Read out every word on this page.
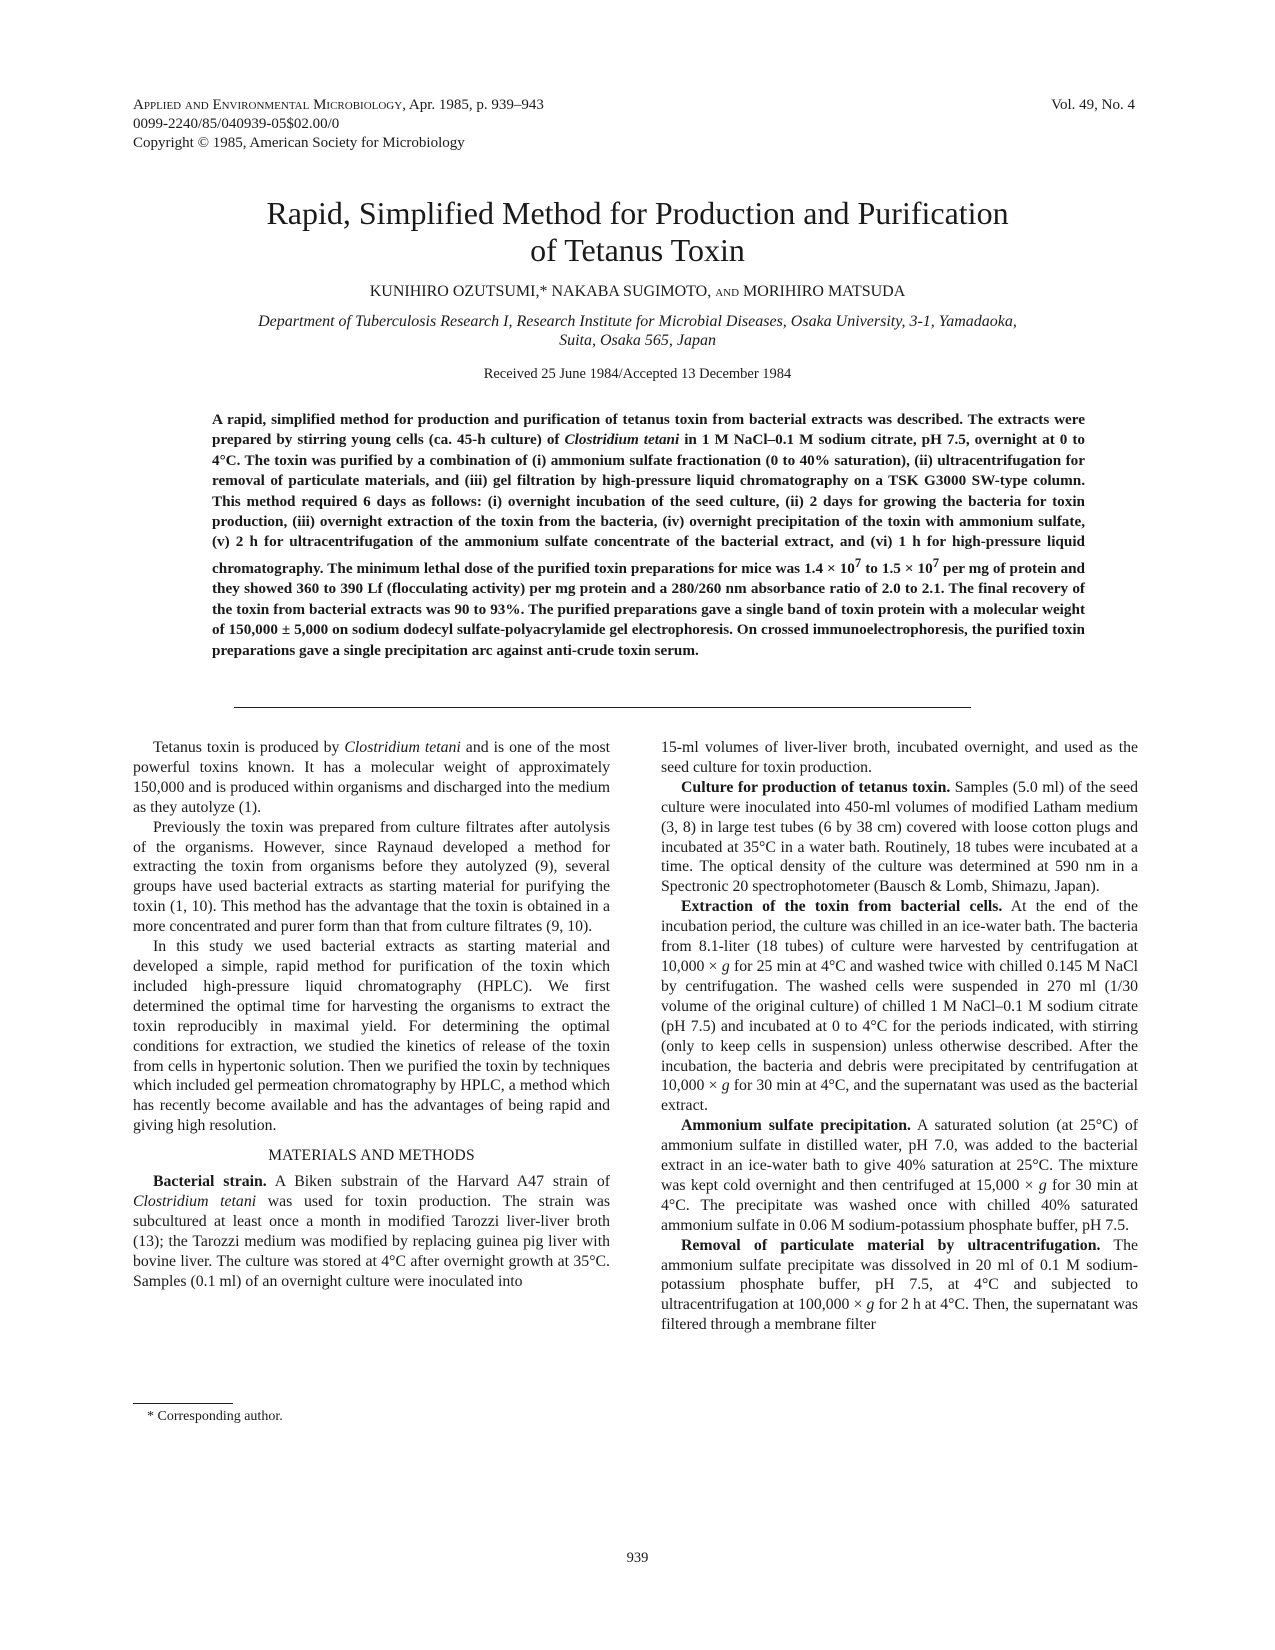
Applied and Environmental Microbiology, Apr. 1985, p. 939–943
0099-2240/85/040939-05$02.00/0
Copyright © 1985, American Society for Microbiology
Vol. 49, No. 4
Rapid, Simplified Method for Production and Purification
of Tetanus Toxin
KUNIHIRO OZUTSUMI,* NAKABA SUGIMOTO, and MORIHIRO MATSUDA
Department of Tuberculosis Research I, Research Institute for Microbial Diseases, Osaka University, 3-1, Yamadaoka,
Suita, Osaka 565, Japan
Received 25 June 1984/Accepted 13 December 1984

A rapid, simplified method for production and purification of tetanus toxin from bacterial extracts was described. The extracts were prepared by stirring young cells (ca. 45-h culture) of Clostridium tetani in 1 M NaCl–0.1 M sodium citrate, pH 7.5, overnight at 0 to 4°C. The toxin was purified by a combination of (i) ammonium sulfate fractionation (0 to 40% saturation), (ii) ultracentrifugation for removal of particulate materials, and (iii) gel filtration by high-pressure liquid chromatography on a TSK G3000 SW-type column. This method required 6 days as follows: (i) overnight incubation of the seed culture, (ii) 2 days for growing the bacteria for toxin production, (iii) overnight extraction of the toxin from the bacteria, (iv) overnight precipitation of the toxin with ammonium sulfate, (v) 2 h for ultracentrifugation of the ammonium sulfate concentrate of the bacterial extract, and (vi) 1 h for high-pressure liquid chromatography. The minimum lethal dose of the purified toxin preparations for mice was $1.4 \times 10^7$ to $1.5 \times 10^7$ per mg of protein and they showed 360 to 390 Lf (flocculating activity) per mg protein and a 280/260 nm absorbance ratio of 2.0 to 2.1. The final recovery of the toxin from bacterial extracts was 90 to 93%. The purified preparations gave a single band of toxin protein with a molecular weight of 150,000 ± 5,000 on sodium dodecyl sulfate-polyacrylamide gel electrophoresis. On crossed immunoelectrophoresis, the purified toxin preparations gave a single precipitation arc against anti-crude toxin serum.

Tetanus toxin is produced by Clostridium tetani and is one of the most powerful toxins known. It has a molecular weight of approximately 150,000 and is produced within organisms and discharged into the medium as they autolyze (1).

Previously the toxin was prepared from culture filtrates after autolysis of the organisms. However, since Raynaud developed a method for extracting the toxin from organisms before they autolyzed (9), several groups have used bacterial extracts as starting material for purifying the toxin (1, 10). This method has the advantage that the toxin is obtained in a more concentrated and purer form than that from culture filtrates (9, 10).

In this study we used bacterial extracts as starting material and developed a simple, rapid method for purification of the toxin which included high-pressure liquid chromatography (HPLC). We first determined the optimal time for harvesting the organisms to extract the toxin reproducibly in maximal yield. For determining the optimal conditions for extraction, we studied the kinetics of release of the toxin from cells in hypertonic solution. Then we purified the toxin by techniques which included gel permeation chromatography by HPLC, a method which has recently become available and has the advantages of being rapid and giving high resolution.

MATERIALS AND METHODS

Bacterial strain. A Biken substrain of the Harvard A47 strain of Clostridium tetani was used for toxin production. The strain was subcultured at least once a month in modified Tarozzi liver-liver broth (13); the Tarozzi medium was modified by replacing guinea pig liver with bovine liver. The culture was stored at 4°C after overnight growth at 35°C. Samples (0.1 ml) of an overnight culture were inoculated into

15-ml volumes of liver-liver broth, incubated overnight, and used as the seed culture for toxin production.

Culture for production of tetanus toxin. Samples (5.0 ml) of the seed culture were inoculated into 450-ml volumes of modified Latham medium (3, 8) in large test tubes (6 by 38 cm) covered with loose cotton plugs and incubated at 35°C in a water bath. Routinely, 18 tubes were incubated at a time. The optical density of the culture was determined at 590 nm in a Spectronic 20 spectrophotometer (Bausch & Lomb, Shimazu, Japan).

Extraction of the toxin from bacterial cells. At the end of the incubation period, the culture was chilled in an ice-water bath. The bacteria from 8.1-liter (18 tubes) of culture were harvested by centrifugation at 10,000 × g for 25 min at 4°C and washed twice with chilled 0.145 M NaCl by centrifugation. The washed cells were suspended in 270 ml (1/30 volume of the original culture) of chilled 1 M NaCl–0.1 M sodium citrate (pH 7.5) and incubated at 0 to 4°C for the periods indicated, with stirring (only to keep cells in suspension) unless otherwise described. After the incubation, the bacteria and debris were precipitated by centrifugation at 10,000 × g for 30 min at 4°C, and the supernatant was used as the bacterial extract.

Ammonium sulfate precipitation. A saturated solution (at 25°C) of ammonium sulfate in distilled water, pH 7.0, was added to the bacterial extract in an ice-water bath to give 40% saturation at 25°C. The mixture was kept cold overnight and then centrifuged at 15,000 × g for 30 min at 4°C. The precipitate was washed once with chilled 40% saturated ammonium sulfate in 0.06 M sodium-potassium phosphate buffer, pH 7.5.

Removal of particulate material by ultracentrifugation. The ammonium sulfate precipitate was dissolved in 20 ml of 0.1 M sodium-potassium phosphate buffer, pH 7.5, at 4°C and subjected to ultracentrifugation at 100,000 × g for 2 h at 4°C. Then, the supernatant was filtered through a membrane filter

* Corresponding author.
939
